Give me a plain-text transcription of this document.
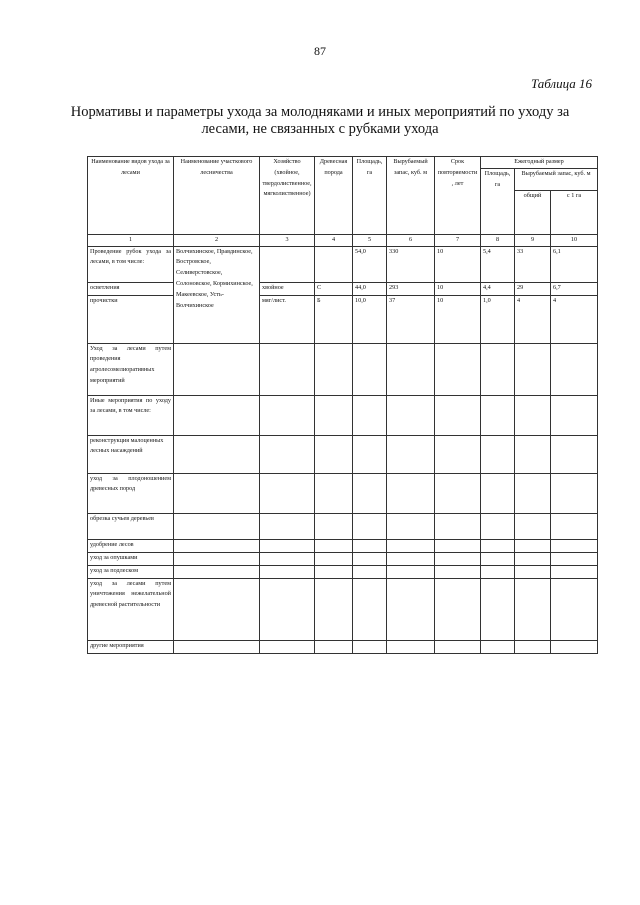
87
Таблица 16
Нормативы и параметры ухода за молодняками и иных мероприятий по уходу за лесами, не связанных с рубками ухода
Наименование видов ухода за лесами	Наименование участкового лесничества	Хозяйство (хвойное, твердолиственное, мягколиственное)	Древесная порода	Площадь, га	Вырубаемый запас, куб. м	Срок повторяемости, лет	Ежегодный размер		
							Площадь, га	Вырубаемый запас, куб. м	
								общий	с 1 га
1	2	3	4	5	6	7	8	9	10
Проведение рубок ухода за лесами, в том числе:	Волчихинское, Правдинское, Востровское, Селиверстовское, Солоновское, Кормихинское, Макеевское, Усть-Волчихинское			54,0	330	10	5,4	33	6,1
осветления		хвойное	С	44,0	293	10	4,4	29	6,7
прочистки		мяг/лист.	Б	10,0	37	10	1,0	4	4
Уход за лесами путем проведения агролесомелиоративных мероприятий									
Иные мероприятия по уходу за лесами, в том числе:									
реконструкция малоценных лесных насаждений									
уход за плодоношением древесных пород									
обрезка сучьев деревьев									
удобрение лесов									
уход за опушками									
уход за подлеском									
уход за лесами путем уничтожения нежелательной древесной растительности									
другие мероприятия									
